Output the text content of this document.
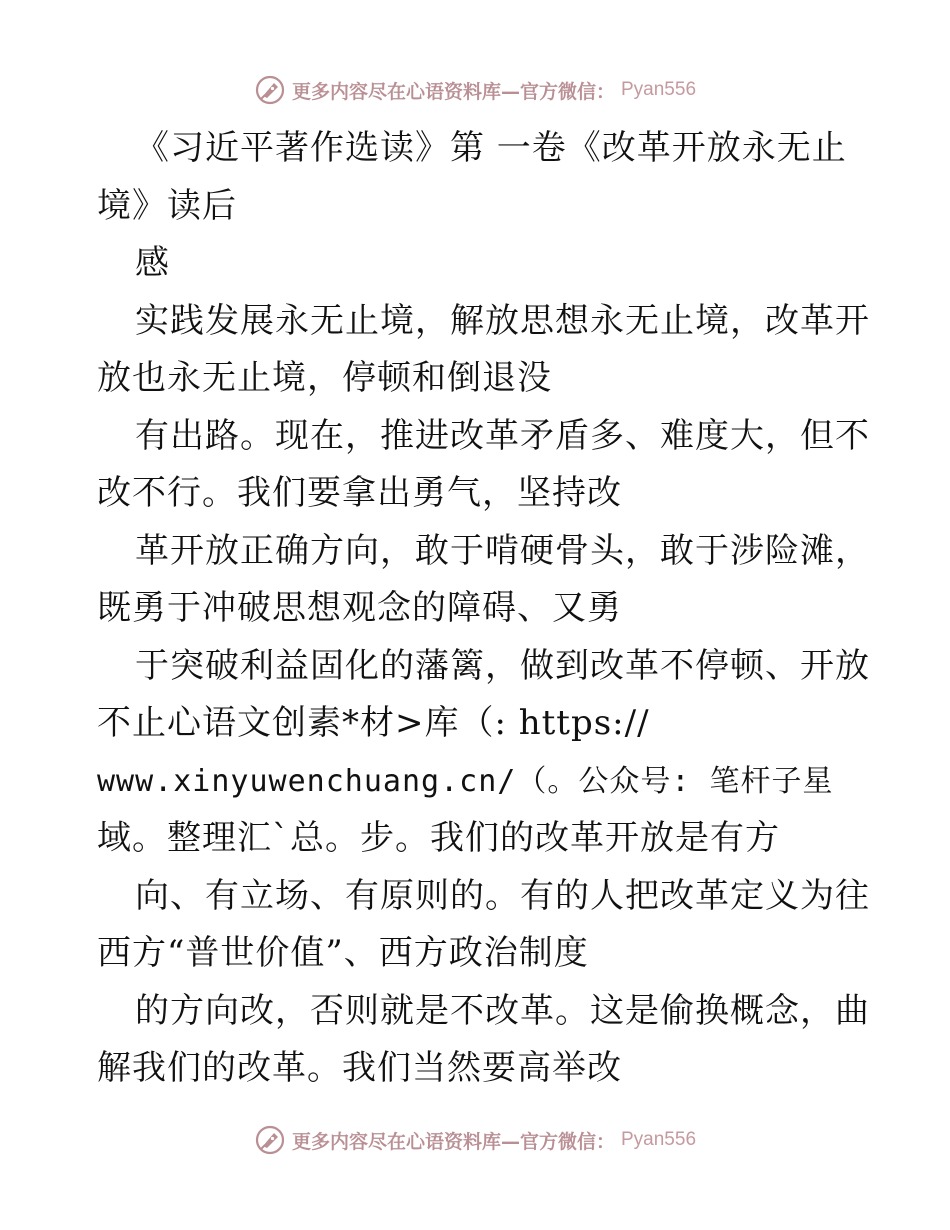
更多内容尽在心语资料库—官方微信： Pyan556
《习近平著作选读》第 一卷《改革开放永无止
境》读后
感
实践发展永无止境，解放思想永无止境，改革开
放也永无止境，停顿和倒退没
有出路。现在，推进改革矛盾多、难度大，但不
改不行。我们要拿出勇气，坚持改
革开放正确方向，敢于啃硬骨头，敢于涉险滩，
既勇于冲破思想观念的障碍、又勇
于突破利益固化的藩篱，做到改革不停顿、开放
不止心语文创素*材>库（: https://
www.xinyuwenchuang.cn/（。公众号: 笔杆子星
域。整理汇`总。步。我们的改革开放是有方
向、有立场、有原则的。有的人把改革定义为往
西方“普世价值”、西方政治制度
的方向改，否则就是不改革。这是偷换概念，曲
解我们的改革。我们当然要高举改
更多内容尽在心语资料库—官方微信： Pyan556
